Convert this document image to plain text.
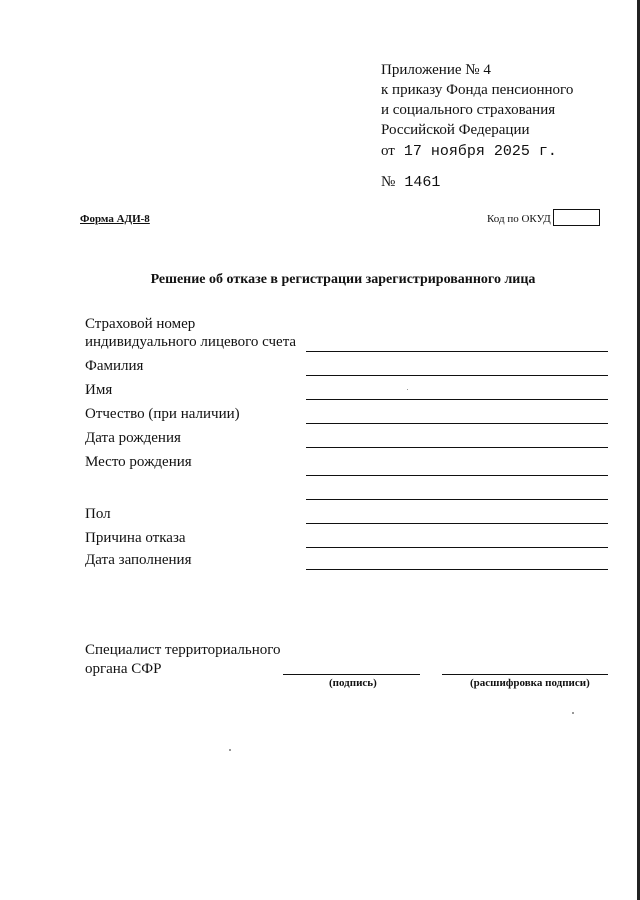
Приложение № 4
к приказу Фонда пенсионного
и социального страхования
Российской Федерации
от 17 ноября 2025 г.
№ 1461
Форма АДИ-8	Код по ОКУД
Решение об отказе в регистрации зарегистрированного лица
Страховой номер
индивидуального лицевого счета
Фамилия
Имя
Отчество (при наличии)
Дата рождения
Место рождения
Пол
Причина отказа
Дата заполнения
Специалист территориального
органа СФР
(подпись)	(расшифровка подписи)
